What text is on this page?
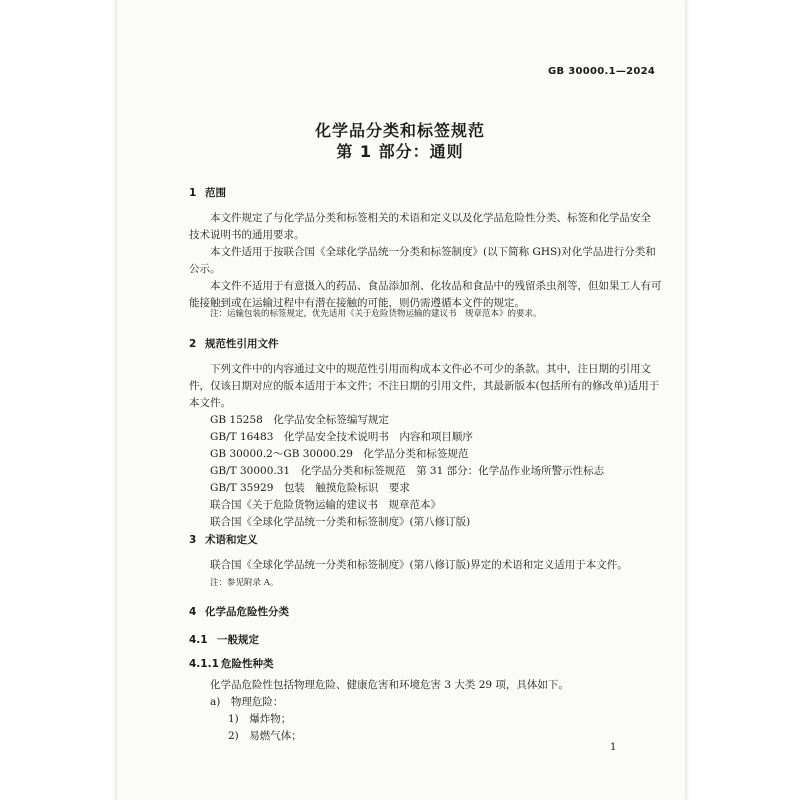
GB 30000.1—2024
化学品分类和标签规范
第 1 部分：通则
1 范围
本文件规定了与化学品分类和标签相关的术语和定义以及化学品危险性分类、标签和化学品安全
技术说明书的通用要求。
本文件适用于按联合国《全球化学品统一分类和标签制度》(以下简称 GHS)对化学品进行分类和
公示。
本文件不适用于有意摄入的药品、食品添加剂、化妆品和食品中的残留杀虫剂等，但如果工人有可
能接触到或在运输过程中有潜在接触的可能，则仍需遵循本文件的规定。
注：运输包装的标签规定，优先适用《关于危险货物运输的建议书　规章范本》的要求。
2 规范性引用文件
下列文件中的内容通过文中的规范性引用而构成本文件必不可少的条款。其中，注日期的引用文
件，仅该日期对应的版本适用于本文件；不注日期的引用文件，其最新版本(包括所有的修改单)适用于
本文件。
GB 15258　化学品安全标签编写规定
GB/T 16483　化学品安全技术说明书　内容和项目顺序
GB 30000.2～GB 30000.29　化学品分类和标签规范
GB/T 30000.31　化学品分类和标签规范　第 31 部分：化学品作业场所警示性标志
GB/T 35929　包装　触摸危险标识　要求
联合国《关于危险货物运输的建议书　规章范本》
联合国《全球化学品统一分类和标签制度》(第八修订版)
3 术语和定义
联合国《全球化学品统一分类和标签制度》(第八修订版)界定的术语和定义适用于本文件。
注：参见附录 A。
4 化学品危险性分类
4.1 一般规定
4.1.1 危险性种类
化学品危险性包括物理危险、健康危害和环境危害 3 大类 29 项，具体如下。
a)　物理危险：
1)　爆炸物；
2)　易燃气体；
1
